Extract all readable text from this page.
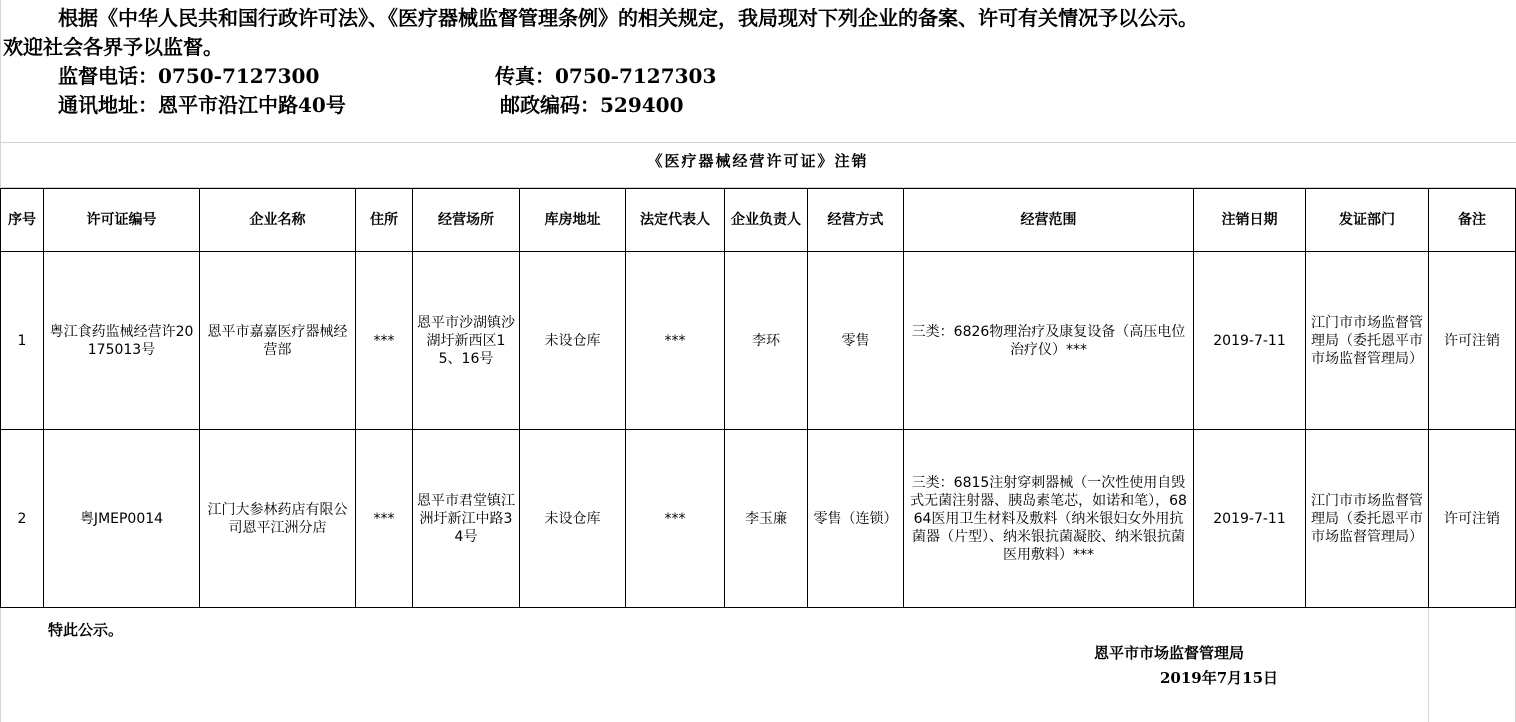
根据《中华人民共和国行政许可法》、《医疗器械监督管理条例》的相关规定，我局现对下列企业的备案、许可有关情况予以公示。

欢迎社会各界予以监督。

监督电话：0750-7127300	传真：0750-7127303

通讯地址：恩平市沿江中路40号	邮政编码：529400

《医疗器械经营许可证》注销
序号	许可证编号	企业名称	住所	经营场所	库房地址	法定代表人	企业负责人	经营方式	经营范围	注销日期	发证部门	备注
1	粤江食药监械经营许20175013号	恩平市嘉嘉医疗器械经营部	***	恩平市沙湖镇沙湖圩新西区15、16号	未设仓库	***	李环	零售	三类：6826物理治疗及康复设备（高压电位治疗仪）***	2019-7-11	江门市市场监督管理局（委托恩平市市场监督管理局）	许可注销
2	粤JMEP0014	江门大参林药店有限公司恩平江洲分店	***	恩平市君堂镇江洲圩新江中路34号	未设仓库	***	李玉廉	零售（连锁）	三类：6815注射穿刺器械（一次性使用自毁式无菌注射器、胰岛素笔芯，如诺和笔），6864医用卫生材料及敷料（纳米银妇女外用抗菌器（片型）、纳米银抗菌凝胶、纳米银抗菌医用敷料）***	2019-7-11	江门市市场监督管理局（委托恩平市市场监督管理局）	许可注销
特此公示。
恩平市市场监督管理局
2019年7月15日
